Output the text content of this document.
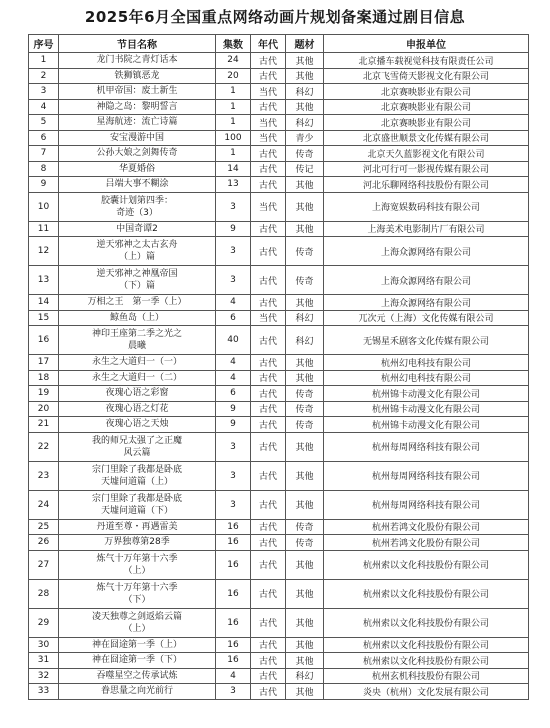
2025年6月全国重点网络动画片规划备案通过剧目信息
序号	节目名称	集数	年代	题材	申报单位
1	龙门书院之青灯话本	24	古代	其他	北京播车载视觉科技有限责任公司
2	铁狮镇恶龙	20	古代	其他	北京飞雪倚天影视文化有限公司
3	机甲帝国：废土新生	1	当代	科幻	北京赛映影业有限公司
4	神隐之岛：黎明誓言	1	古代	其他	北京赛映影业有限公司
5	星海航迹：流亡诗篇	1	当代	科幻	北京赛映影业有限公司
6	安宝漫游中国	100	当代	青少	北京盛世顺景文化传媒有限公司
7	公孙大娘之剑舞传奇	1	古代	传奇	北京天久蓝影视文化有限公司
8	华夏婚俗	14	古代	传记	河北可行可一影视传媒有限公司
9	吕端大事不糊涂	13	古代	其他	河北乐聊网络科技股份有限公司
10	胶囊计划第四季：
奇迹（3）	3	当代	其他	上海宽娱数码科技有限公司
11	中国奇谭2	9	古代	其他	上海美术电影制片厂有限公司
12	逆天邪神之太古玄舟
（上）篇	3	古代	传奇	上海众源网络有限公司
13	逆天邪神之神凰帝国
（下）篇	3	古代	传奇	上海众源网络有限公司
14	万相之王　第一季（上）	4	古代	其他	上海众源网络有限公司
15	鲸鱼岛（上）	6	当代	科幻	兀次元（上海）文化传媒有限公司
16	神印王座第二季之光之
晨曦	40	古代	科幻	无锡星禾剧客文化传媒有限公司
17	永生之大道归一（一）	4	古代	其他	杭州幻电科技有限公司
18	永生之大道归一（二）	4	古代	其他	杭州幻电科技有限公司
19	夜瑰心语之彩窗	6	古代	传奇	杭州锦卡动漫文化有限公司
20	夜瑰心语之灯花	9	古代	传奇	杭州锦卡动漫文化有限公司
21	夜瑰心语之天烛	9	古代	传奇	杭州锦卡动漫文化有限公司
22	我的师兄太强了之正魔
风云篇	3	古代	其他	杭州每周网络科技有限公司
23	宗门里除了我都是卧底
天墟问道篇（上）	3	古代	其他	杭州每周网络科技有限公司
24	宗门里除了我都是卧底
天墟问道篇（下）	3	古代	其他	杭州每周网络科技有限公司
25	丹道至尊・再遇雷美	16	古代	传奇	杭州若鸿文化股份有限公司
26	万界独尊第28季	16	古代	传奇	杭州若鸿文化股份有限公司
27	炼气十万年第十六季
（上）	16	古代	其他	杭州索以文化科技股份有限公司
28	炼气十万年第十六季
（下）	16	古代	其他	杭州索以文化科技股份有限公司
29	凌天独尊之剑返焰云篇
（上）	16	古代	其他	杭州索以文化科技股份有限公司
30	神在囧途第一季（上）	16	古代	其他	杭州索以文化科技股份有限公司
31	神在囧途第一季（下）	16	古代	其他	杭州索以文化科技股份有限公司
32	吞噬星空之传承试炼	4	古代	科幻	杭州玄机科技股份有限公司
33	眷思量之向光前行	3	古代	其他	炎央（杭州）文化发展有限公司
